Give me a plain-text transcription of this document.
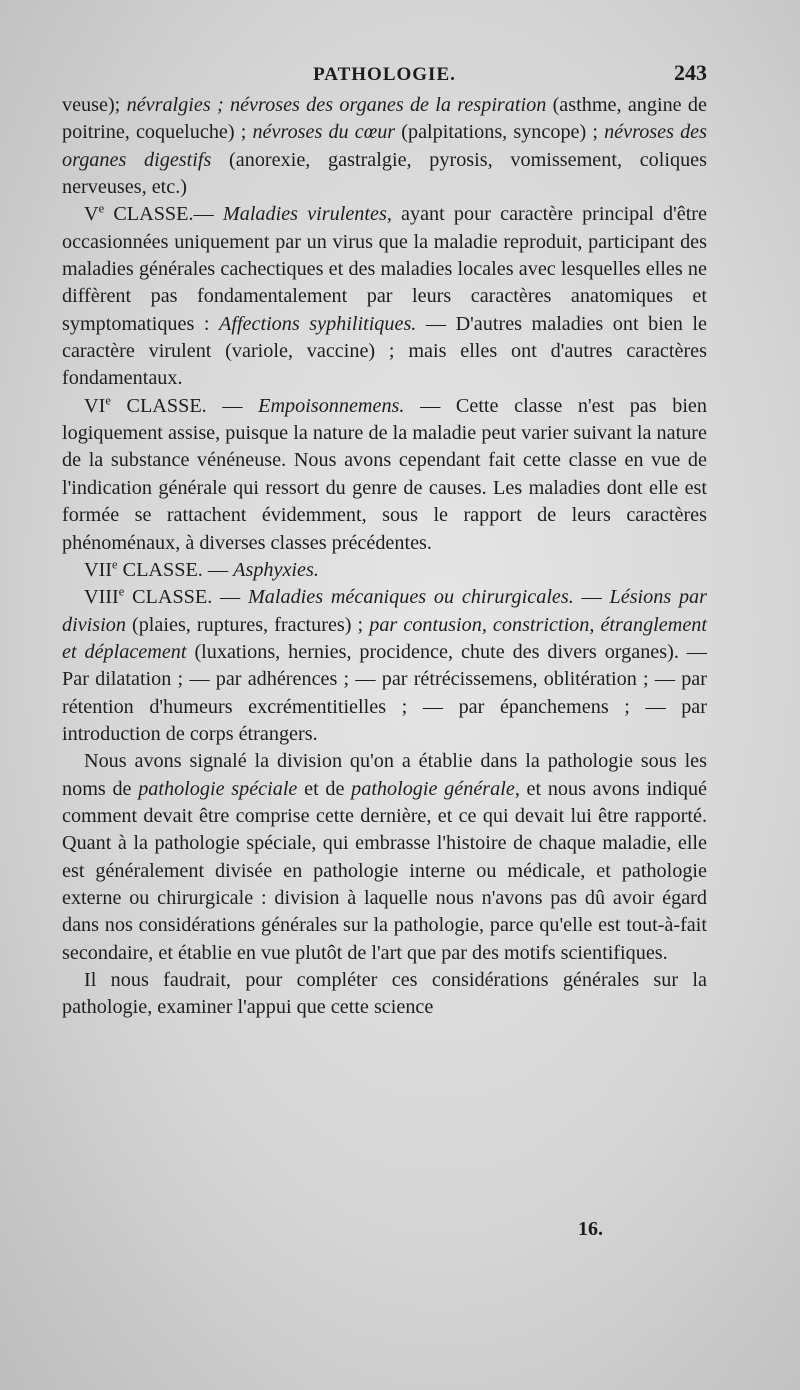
PATHOLOGIE.	243

veuse); névralgies ; névroses des organes de la respiration (asthme, angine de poitrine, coqueluche) ; névroses du cœur (palpitations, syncope) ; névroses des organes digestifs (anorexie, gastralgie, pyrosis, vomissement, coliques nerveuses, etc.)

Ve CLASSE.— Maladies virulentes, ayant pour caractère principal d'être occasionnées uniquement par un virus que la maladie reproduit, participant des maladies générales cachectiques et des maladies locales avec lesquelles elles ne diffèrent pas fondamentalement par leurs caractères anatomiques et symptomatiques : Affections syphilitiques. — D'autres maladies ont bien le caractère virulent (variole, vaccine) ; mais elles ont d'autres caractères fondamentaux.

VIe CLASSE. — Empoisonnemens. — Cette classe n'est pas bien logiquement assise, puisque la nature de la maladie peut varier suivant la nature de la substance vénéneuse. Nous avons cependant fait cette classe en vue de l'indication générale qui ressort du genre de causes. Les maladies dont elle est formée se rattachent évidemment, sous le rapport de leurs caractères phénoménaux, à diverses classes précédentes.

VIIe CLASSE. — Asphyxies.

VIIIe CLASSE. — Maladies mécaniques ou chirurgicales. — Lésions par division (plaies, ruptures, fractures) ; par contusion, constriction, étranglement et déplacement (luxations, hernies, procidence, chute des divers organes). — Par dilatation ; — par adhérences ; — par rétrécissemens, oblitération ; — par rétention d'humeurs excrémentitielles ; — par épanchemens ; — par introduction de corps étrangers.

Nous avons signalé la division qu'on a établie dans la pathologie sous les noms de pathologie spéciale et de pathologie générale, et nous avons indiqué comment devait être comprise cette dernière, et ce qui devait lui être rapporté. Quant à la pathologie spéciale, qui embrasse l'histoire de chaque maladie, elle est généralement divisée en pathologie interne ou médicale, et pathologie externe ou chirurgicale : division à laquelle nous n'avons pas dû avoir égard dans nos considérations générales sur la pathologie, parce qu'elle est tout-à-fait secondaire, et établie en vue plutôt de l'art que par des motifs scientifiques.

Il nous faudrait, pour compléter ces considérations générales sur la pathologie, examiner l'appui que cette science

16.
